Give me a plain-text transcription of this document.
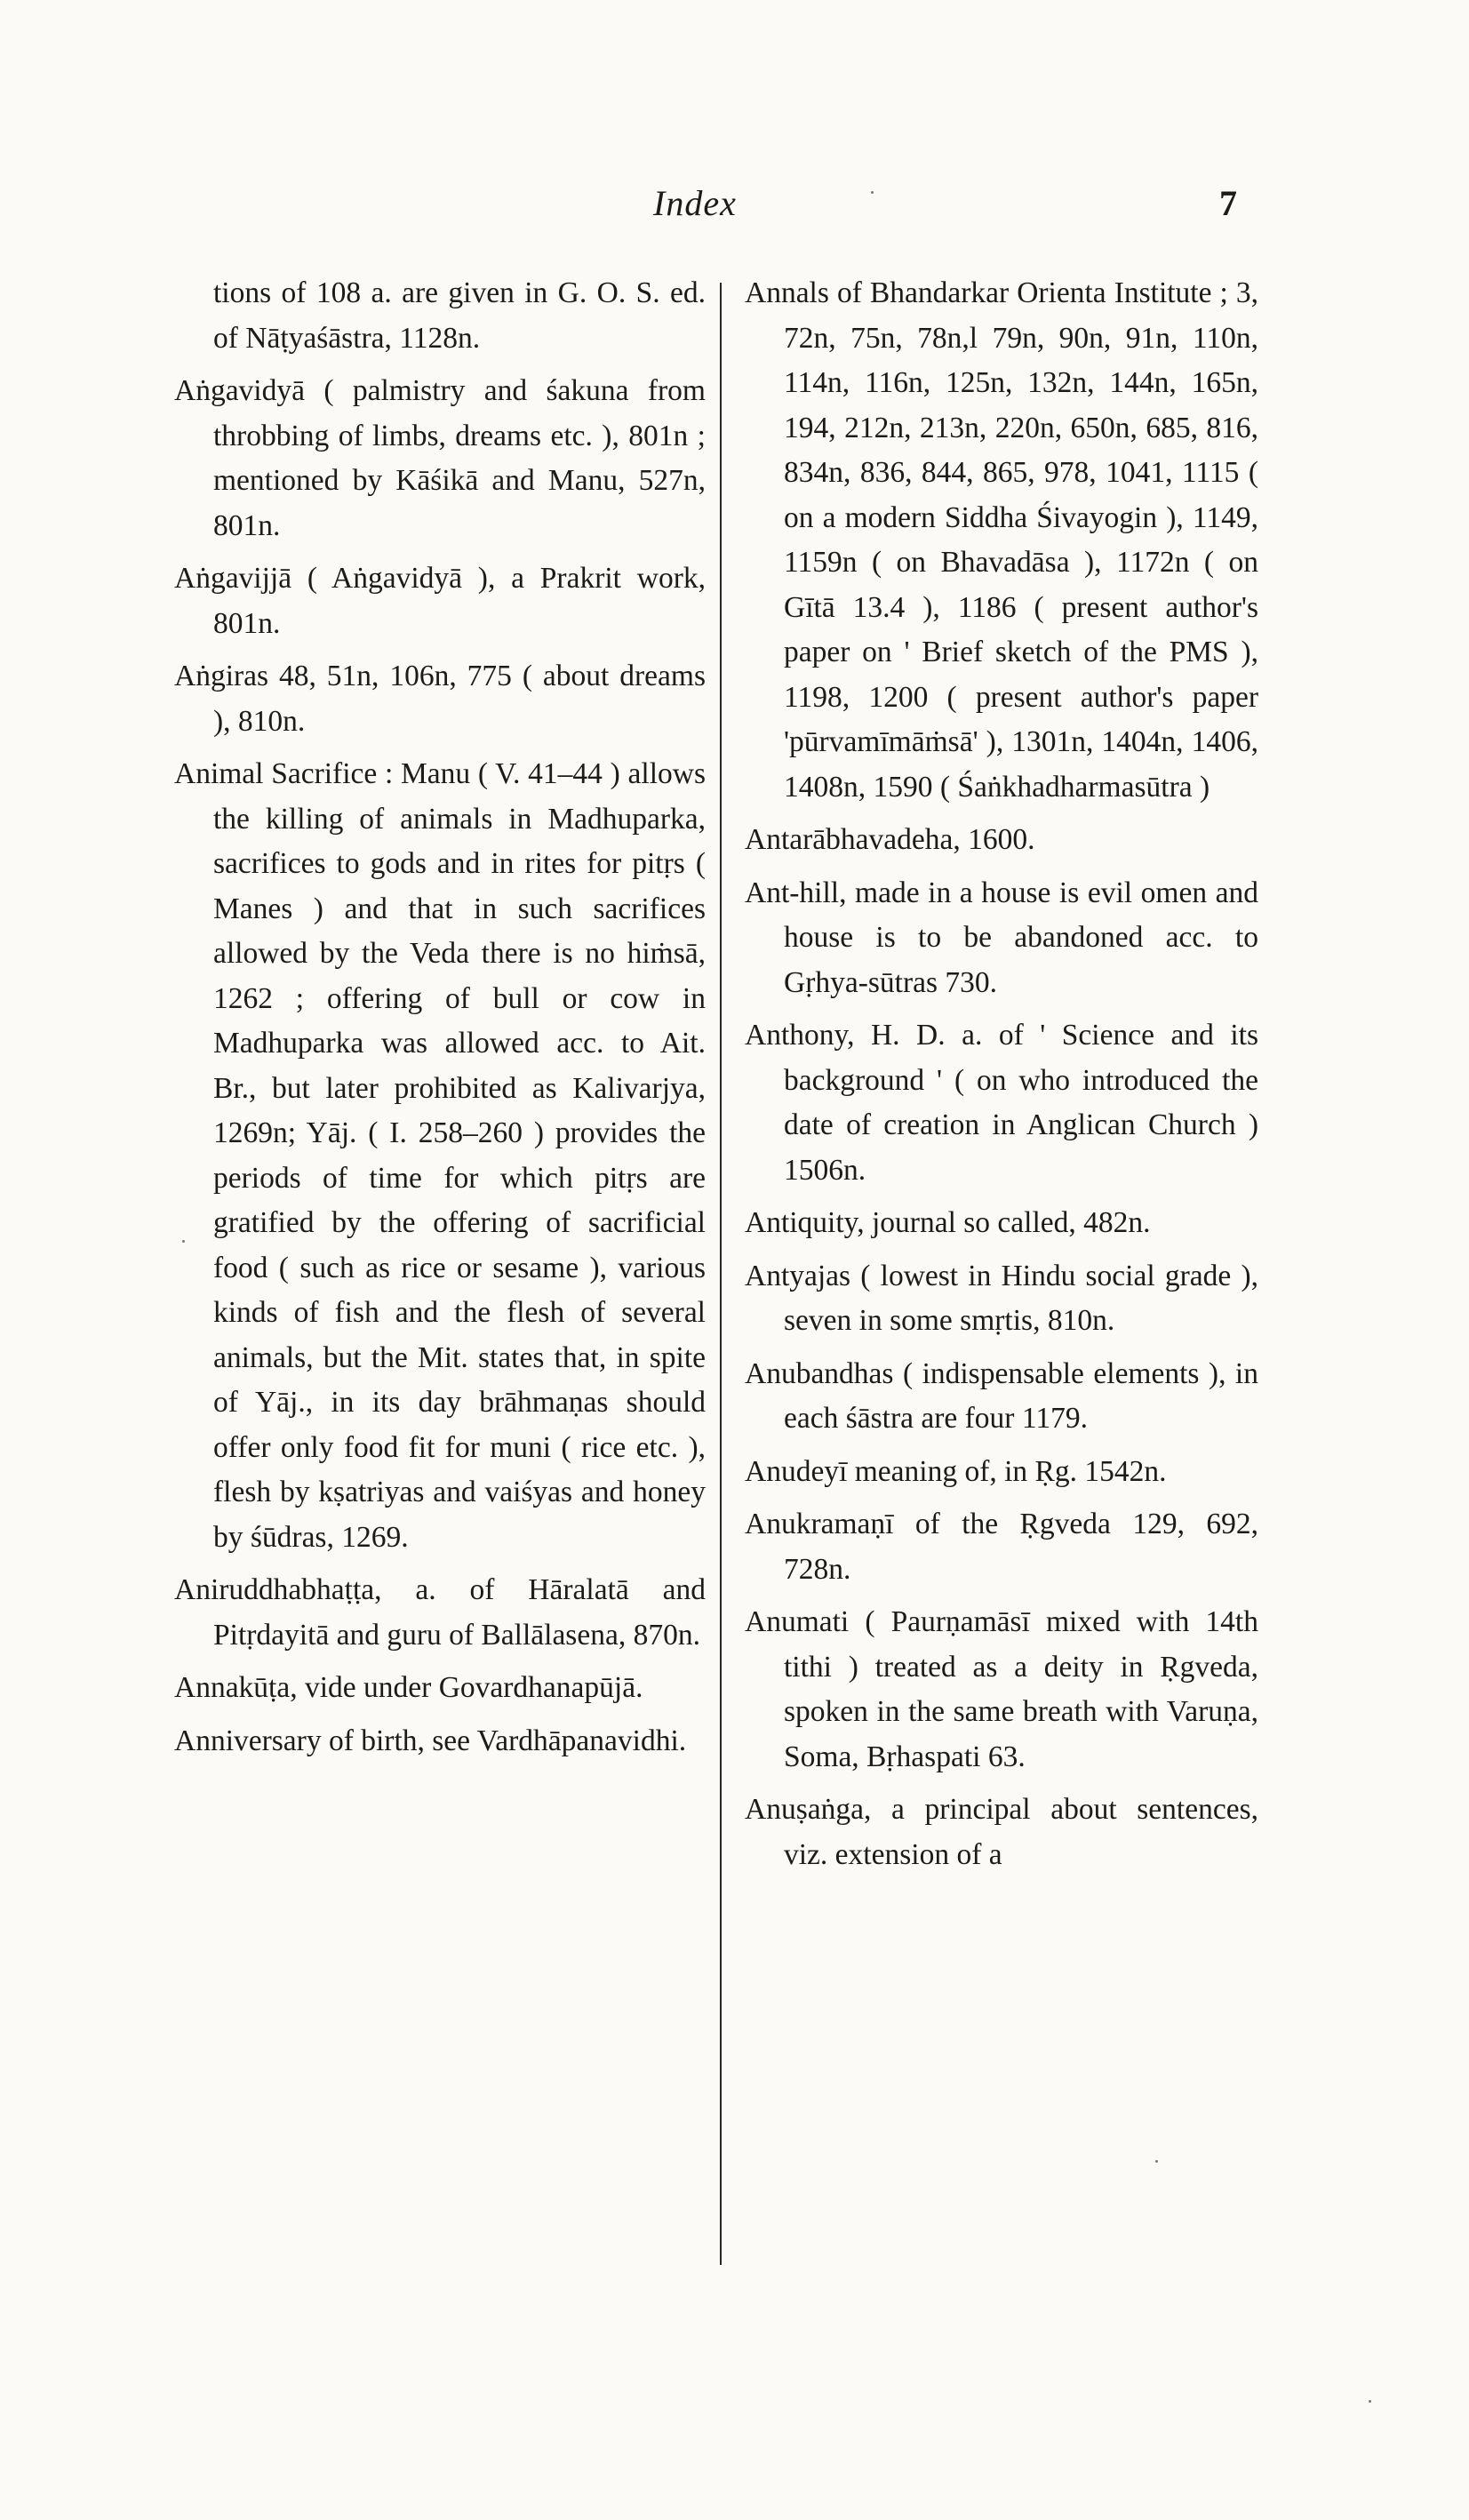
Index	7

tions of 108 a. are given in G. O. S. ed. of Nāṭyaśāstra, 1128n.

Aṅgavidyā ( palmistry and śakuna from throbbing of limbs, dreams etc. ), 801n ; mentioned by Kāśikā and Manu, 527n, 801n.

Aṅgavijjā ( Aṅgavidyā ), a Prakrit work, 801n.

Aṅgiras 48, 51n, 106n, 775 ( about dreams ), 810n.

Animal Sacrifice : Manu ( V. 41–44 ) allows the killing of animals in Madhuparka, sacrifices to gods and in rites for pitṛs ( Manes ) and that in such sacrifices allowed by the Veda there is no hiṁsā, 1262 ; offering of bull or cow in Madhuparka was allowed acc. to Ait. Br., but later prohibited as Kalivarjya, 1269n; Yāj. ( I. 258–260 ) provides the periods of time for which pitṛs are gratified by the offering of sacrificial food ( such as rice or sesame ), various kinds of fish and the flesh of several animals, but the Mit. states that, in spite of Yāj., in its day brāhmaṇas should offer only food fit for muni ( rice etc. ), flesh by kṣatriyas and vaiśyas and honey by śūdras, 1269.

Aniruddhabhaṭṭa, a. of Hāralatā and Pitṛdayitā and guru of Ballālasena, 870n.

Annakūṭa, vide under Govardhanapūjā.

Anniversary of birth, see Vardhāpanavidhi.

Annals of Bhandarkar Orienta Institute ; 3, 72n, 75n, 78n,l 79n, 90n, 91n, 110n, 114n, 116n, 125n, 132n, 144n, 165n, 194, 212n, 213n, 220n, 650n, 685, 816, 834n, 836, 844, 865, 978, 1041, 1115 ( on a modern Siddha Śivayogin ), 1149, 1159n ( on Bhavadāsa ), 1172n ( on Gītā 13.4 ), 1186 ( present author's paper on ' Brief sketch of the PMS ), 1198, 1200 ( present author's paper 'pūrvamīmāṁsā' ), 1301n, 1404n, 1406, 1408n, 1590 ( Śaṅkhadharmasūtra )

Antarābhavadeha, 1600.

Ant-hill, made in a house is evil omen and house is to be abandoned acc. to Gṛhya-sūtras 730.

Anthony, H. D. a. of ' Science and its background ' ( on who introduced the date of creation in Anglican Church ) 1506n.

Antiquity, journal so called, 482n.

Antyajas ( lowest in Hindu social grade ), seven in some smṛtis, 810n.

Anubandhas ( indispensable elements ), in each śāstra are four 1179.

Anudeyī meaning of, in Ṛg. 1542n.

Anukramaṇī of the Ṛgveda 129, 692, 728n.

Anumati ( Paurṇamāsī mixed with 14th tithi ) treated as a deity in Ṛgveda, spoken in the same breath with Varuṇa, Soma, Bṛhaspati 63.

Anuṣaṅga, a principal about sentences, viz. extension of a
